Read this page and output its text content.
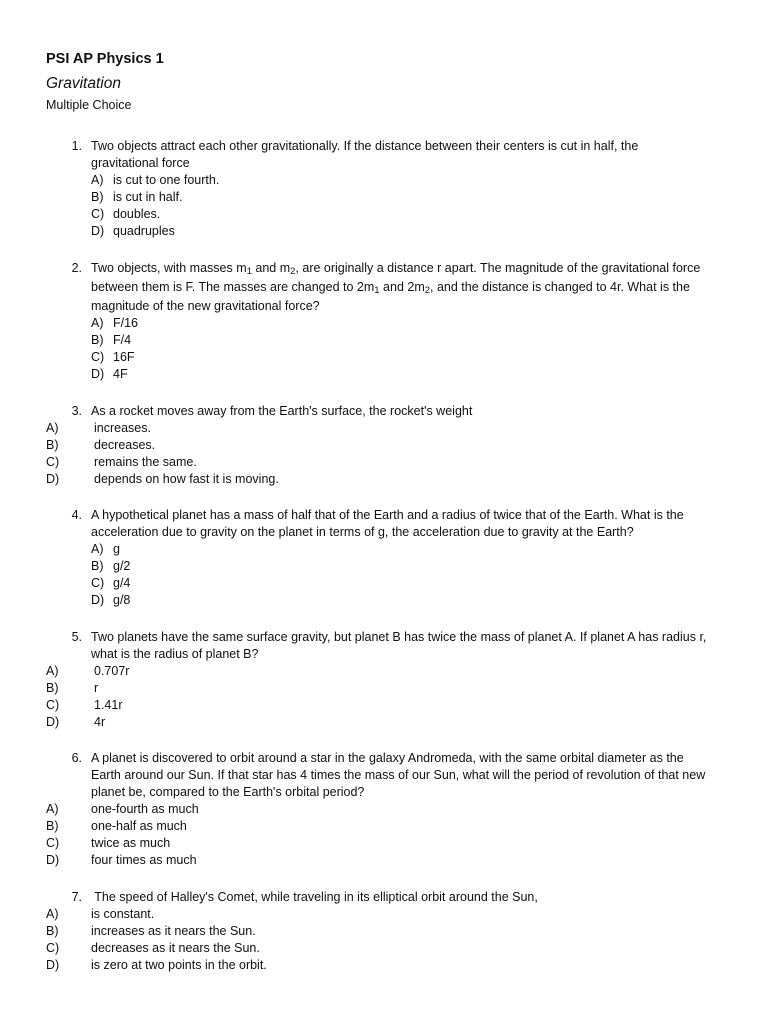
PSI AP Physics 1
Gravitation
Multiple Choice
1. Two objects attract each other gravitationally. If the distance between their centers is cut in half, the
gravitational force
A) is cut to one fourth.
B) is cut in half.
C) doubles.
D) quadruples
2. Two objects, with masses $m_1$ and $m_2$, are originally a distance r apart. The magnitude of the gravitational force
between them is F. The masses are changed to $2m_1$ and $2m_2$, and the distance is changed to 4r. What is the
magnitude of the new gravitational force?
A) F/16
B) F/4
C) 16F
D) 4F
3. As a rocket moves away from the Earth's surface, the rocket's weight
A)	increases.
B)	decreases.
C)	remains the same.
D)	depends on how fast it is moving.
4. A hypothetical planet has a mass of half that of the Earth and a radius of twice that of the Earth. What is the
acceleration due to gravity on the planet in terms of g, the acceleration due to gravity at the Earth?
A) g
B) g/2
C) g/4
D) g/8
5. Two planets have the same surface gravity, but planet B has twice the mass of planet A. If planet A has radius r,
what is the radius of planet B?
A)	0.707r
B)	r
C)	1.41r
D)	4r
6. A planet is discovered to orbit around a star in the galaxy Andromeda, with the same orbital diameter as the
Earth around our Sun. If that star has 4 times the mass of our Sun, what will the period of revolution of that new
planet be, compared to the Earth's orbital period?
A)	one-fourth as much
B)	one-half as much
C)	twice as much
D)	four times as much
7. The speed of Halley's Comet, while traveling in its elliptical orbit around the Sun,
A)	is constant.
B)	increases as it nears the Sun.
C)	decreases as it nears the Sun.
D)	is zero at two points in the orbit.
